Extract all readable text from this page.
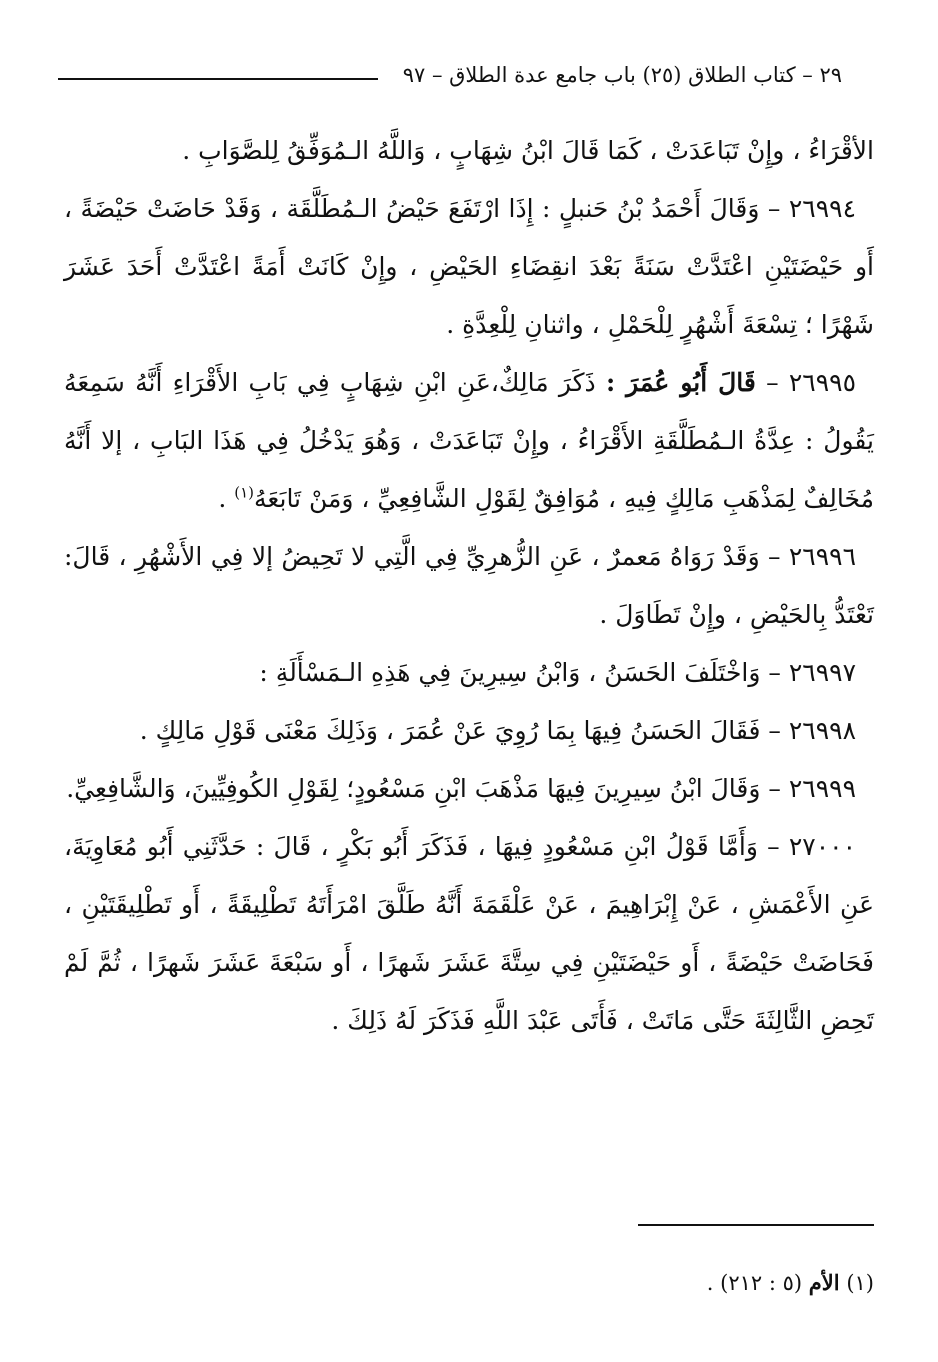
٢٩ – كتاب الطلاق (٢٥) باب جامع عدة الطلاق – ٩٧

الأقْرَاءُ ، وإِنْ تَبَاعَدَتْ ، كَمَا قَالَ ابْنُ شِهَابٍ ، وَاللَّهُ الـمُوَفِّقُ لِلصَّوَابِ .

٢٦٩٩٤ – وَقَالَ أَحْمَدُ بْنُ حَنبلٍ : إِذَا ارْتَفَعَ حَيْضُ الـمُطَلَّقَة ، وَقَدْ حَاضَتْ حَيْضَةً ، أَو حَيْضَتَيْنِ اعْتَدَّتْ سَنَةً بَعْدَ انقِضَاءِ الحَيْضِ ، وإِنْ كَانَتْ أَمَةً اعْتَدَّتْ أَحَدَ عَشَرَ شَهْرًا ؛ تِسْعَةَ أَشْهُرٍ لِلْحَمْلِ ، واثنانِ لِلْعِدَّةِ .

٢٦٩٩٥ – قَالَ أَبُو عُمَرَ : ذَكَرَ مَالِكٌ،عَنِ ابْنِ شِهَابٍ فِي بَابِ الأَقْرَاءِ أَنَّهُ سَمِعَهُ يَقُولُ : عِدَّةُ الـمُطَلَّقَةِ الأَقْرَاءُ ، وإِنْ تَبَاعَدَتْ ، وَهُوَ يَدْخُلُ فِي هَذَا البَابِ ، إلا أَنَّهُ مُخَالِفٌ لِمَذْهَبِ مَالِكٍ فِيهِ ، مُوَافِقٌ لِقَوْلِ الشَّافِعِيِّ ، وَمَنْ تَابَعَهُ$^{(١)}$ .

٢٦٩٩٦ – وَقَدْ رَوَاهُ مَعمرٌ ، عَنِ الزُّهرِيِّ فِي الَّتِي لا تَحِيضُ إلا فِي الأَشْهُرِ ، قَالَ: تَعْتَدُّ بِالحَيْضِ ، وإِنْ تَطَاوَلَ .

٢٦٩٩٧ – وَاخْتَلَفَ الحَسَنُ ، وَابْنُ سِيرِينَ فِي هَذِهِ الـمَسْأَلَةِ :

٢٦٩٩٨ – فَقَالَ الحَسَنُ فِيهَا بِمَا رُوِيَ عَنْ عُمَرَ ، وَذَلِكَ مَعْنَى قَوْلِ مَالِكٍ .

٢٦٩٩٩ – وَقَالَ ابْنُ سِيرِينَ فِيهَا مَذْهَبَ ابْنِ مَسْعُودٍ؛ لِقَوْلِ الكُوفِيِّينَ، وَالشَّافِعِيِّ.

٢٧٠٠٠ – وَأَمَّا قَوْلُ ابْنِ مَسْعُودٍ فِيهَا ، فَذَكَرَ أَبُو بَكْرٍ ، قَالَ : حَدَّثَنِي أَبُو مُعَاوِيَةَ، عَنِ الأَعْمَشِ ، عَنْ إِبْرَاهِيمَ ، عَنْ عَلْقَمَةَ أَنَّهُ طَلَّقَ امْرَأَتَهُ تَطْلِيقَةً ، أَو تَطْلِيقَتَيْنِ ، فَحَاضَتْ حَيْضَةً ، أَو حَيْضَتَيْنِ فِي سِتَّةَ عَشَرَ شَهرًا ، أَو سَبْعَةَ عَشَرَ شَهرًا ، ثُمَّ لَمْ تَحِضِ الثَّالِثَةَ حَتَّى مَاتَتْ ، فَأَتَى عَبْدَ اللَّهِ فَذَكَرَ لَهُ ذَلِكَ .

(١) الأم (٥ : ٢١٢) .
